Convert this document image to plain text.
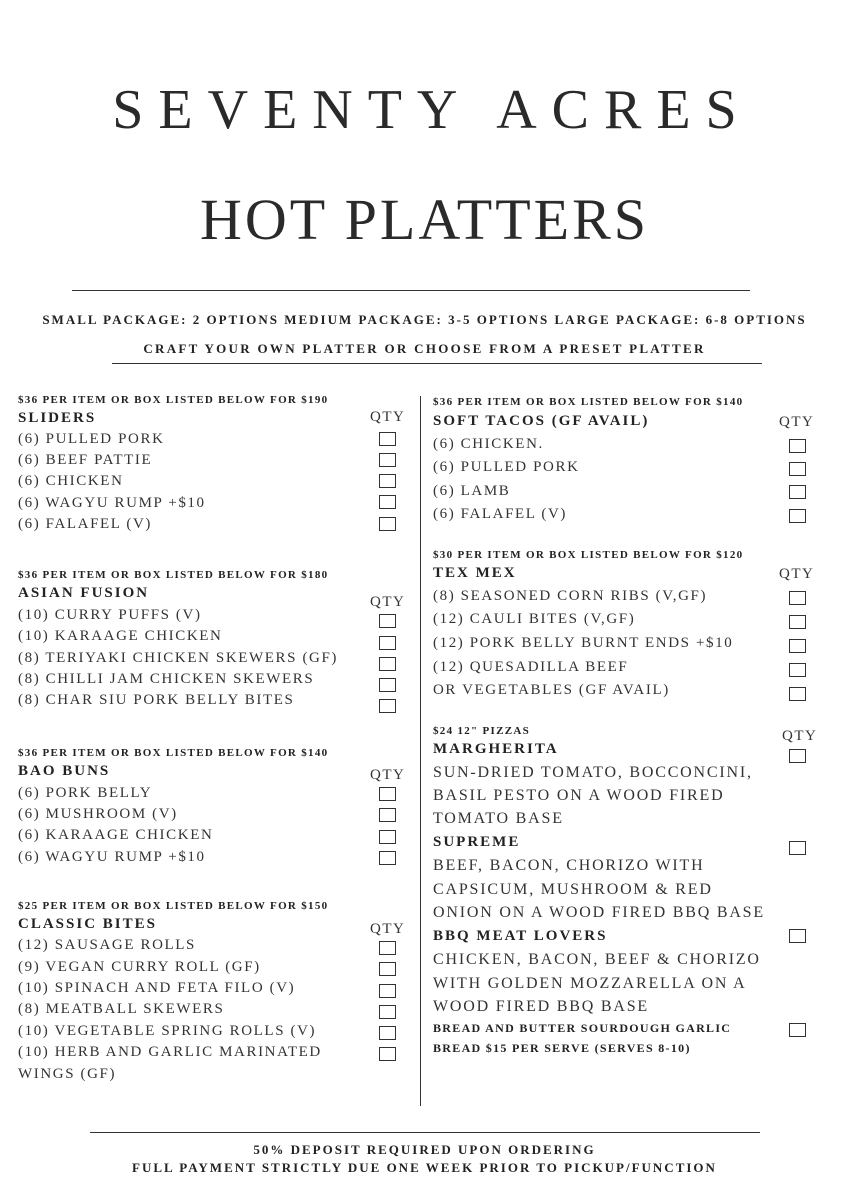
SEVENTY ACRES
HOT PLATTERS
SMALL PACKAGE: 2 OPTIONS MEDIUM PACKAGE: 3-5 OPTIONS LARGE PACKAGE: 6-8 OPTIONS
CRAFT YOUR OWN PLATTER OR CHOOSE FROM A PRESET PLATTER
$36 PER ITEM OR BOX LISTED BELOW FOR $190
SLIDERS	QTY
(6) PULLED PORK
(6) BEEF PATTIE
(6) CHICKEN
(6) WAGYU RUMP +$10
(6) FALAFEL (V)
$36 PER ITEM OR BOX LISTED BELOW FOR $180
ASIAN FUSION
QTY
(10) CURRY PUFFS (V)
(10) KARAAGE CHICKEN
(8) TERIYAKI CHICKEN SKEWERS (GF)
(8) CHILLI JAM CHICKEN SKEWERS
(8) CHAR SIU PORK BELLY BITES
$36 PER ITEM OR BOX LISTED BELOW FOR $140
BAO BUNS	QTY
(6) PORK BELLY
(6) MUSHROOM (V)
(6) KARAAGE CHICKEN
(6) WAGYU RUMP +$10
$25 PER ITEM OR BOX LISTED BELOW FOR $150
CLASSIC BITES	QTY
(12) SAUSAGE ROLLS
(9) VEGAN CURRY ROLL (GF)
(10) SPINACH AND FETA FILO (V)
(8) MEATBALL SKEWERS
(10) VEGETABLE SPRING ROLLS (V)
(10) HERB AND GARLIC MARINATED
WINGS (GF)
$36 PER ITEM OR BOX LISTED BELOW FOR $140
SOFT TACOS (GF AVAIL)	QTY
(6) CHICKEN.
(6) PULLED PORK
(6) LAMB
(6) FALAFEL (V)
$30 PER ITEM OR BOX LISTED BELOW FOR $120
TEX MEX	QTY
(8) SEASONED CORN RIBS (V,GF)
(12) CAULI BITES (V,GF)
(12) PORK BELLY BURNT ENDS +$10
(12) QUESADILLA BEEF
OR VEGETABLES (GF AVAIL)
$24 12" PIZZAS
MARGHERITA
QTY
SUN-DRIED TOMATO, BOCCONCINI,
BASIL PESTO ON A WOOD FIRED
TOMATO BASE
SUPREME
BEEF, BACON, CHORIZO WITH
CAPSICUM, MUSHROOM & RED
ONION ON A WOOD FIRED BBQ BASE
BBQ MEAT LOVERS
CHICKEN, BACON, BEEF & CHORIZO
WITH GOLDEN MOZZARELLA ON A
WOOD FIRED BBQ BASE
BREAD AND BUTTER SOURDOUGH GARLIC
BREAD $15 PER SERVE (SERVES 8-10)
50% DEPOSIT REQUIRED UPON ORDERING
FULL PAYMENT STRICTLY DUE ONE WEEK PRIOR TO PICKUP/FUNCTION
